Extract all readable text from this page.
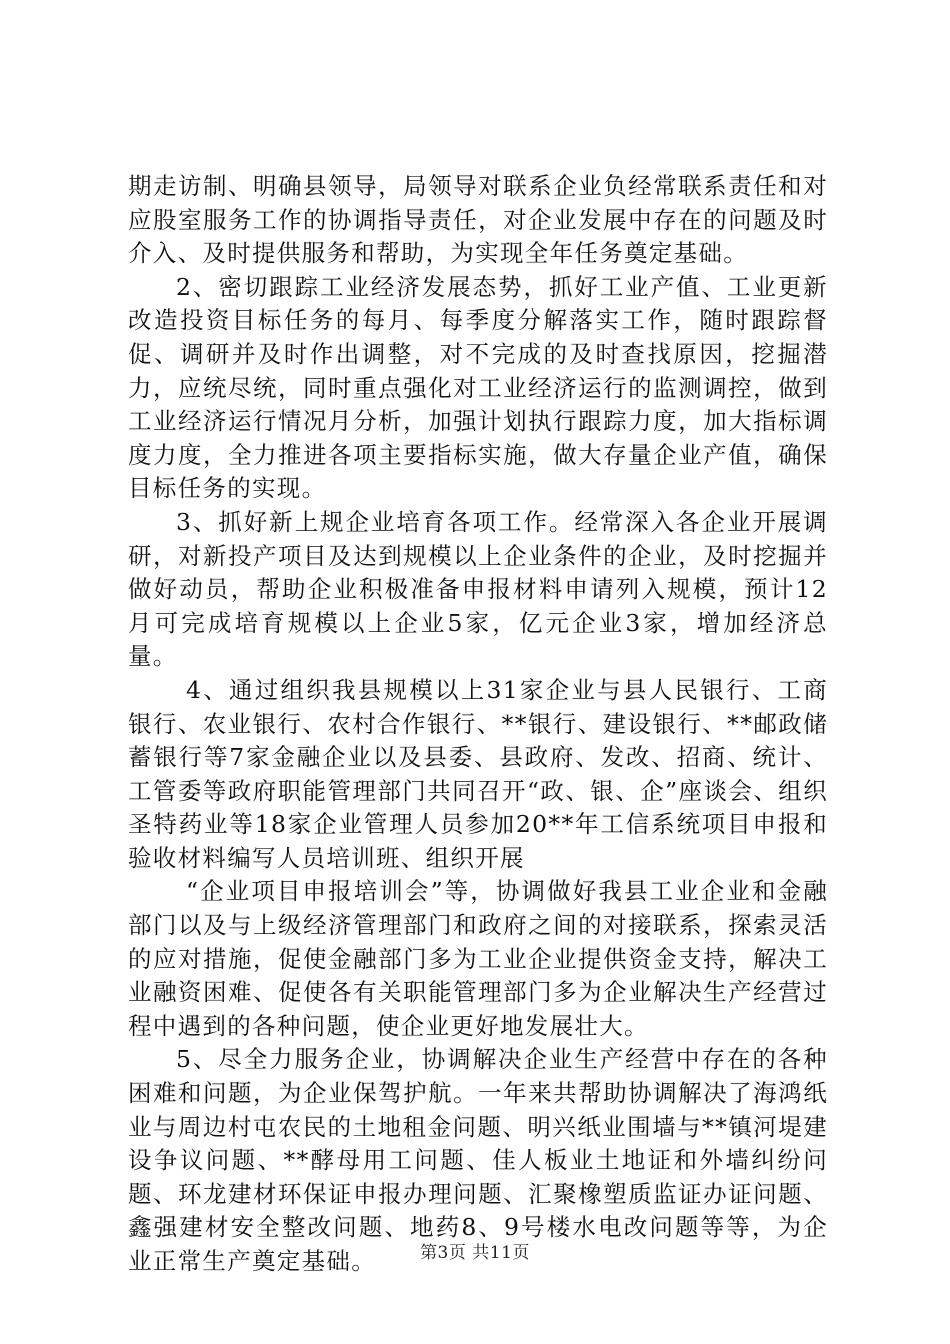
期走访制、明确县领导，局领导对联系企业负经常联系责任和对应股室服务工作的协调指导责任，对企业发展中存在的问题及时介入、及时提供服务和帮助，为实现全年任务奠定基础。

2、密切跟踪工业经济发展态势，抓好工业产值、工业更新改造投资目标任务的每月、每季度分解落实工作，随时跟踪督促、调研并及时作出调整，对不完成的及时查找原因，挖掘潜力，应统尽统，同时重点强化对工业经济运行的监测调控，做到工业经济运行情况月分析，加强计划执行跟踪力度，加大指标调度力度，全力推进各项主要指标实施，做大存量企业产值，确保目标任务的实现。

3、抓好新上规企业培育各项工作。经常深入各企业开展调研，对新投产项目及达到规模以上企业条件的企业，及时挖掘并做好动员，帮助企业积极准备申报材料申请列入规模，预计12月可完成培育规模以上企业5家，亿元企业3家，增加经济总量。

4、通过组织我县规模以上31家企业与县人民银行、工商银行、农业银行、农村合作银行、**银行、建设银行、**邮政储蓄银行等7家金融企业以及县委、县政府、发改、招商、统计、工管委等政府职能管理部门共同召开“政、银、企”座谈会、组织圣特药业等18家企业管理人员参加20**年工信系统项目申报和验收材料编写人员培训班、组织开展

“企业项目申报培训会”等，协调做好我县工业企业和金融部门以及与上级经济管理部门和政府之间的对接联系，探索灵活的应对措施，促使金融部门多为工业企业提供资金支持，解决工业融资困难、促使各有关职能管理部门多为企业解决生产经营过程中遇到的各种问题，使企业更好地发展壮大。

5、尽全力服务企业，协调解决企业生产经营中存在的各种困难和问题，为企业保驾护航。一年来共帮助协调解决了海鸿纸业与周边村屯农民的土地租金问题、明兴纸业围墙与**镇河堤建设争议问题、**酵母用工问题、佳人板业土地证和外墙纠纷问题、环龙建材环保证申报办理问题、汇聚橡塑质监证办证问题、鑫强建材安全整改问题、地药8、9号楼水电改问题等等，为企业正常生产奠定基础。	第3页 共11页
